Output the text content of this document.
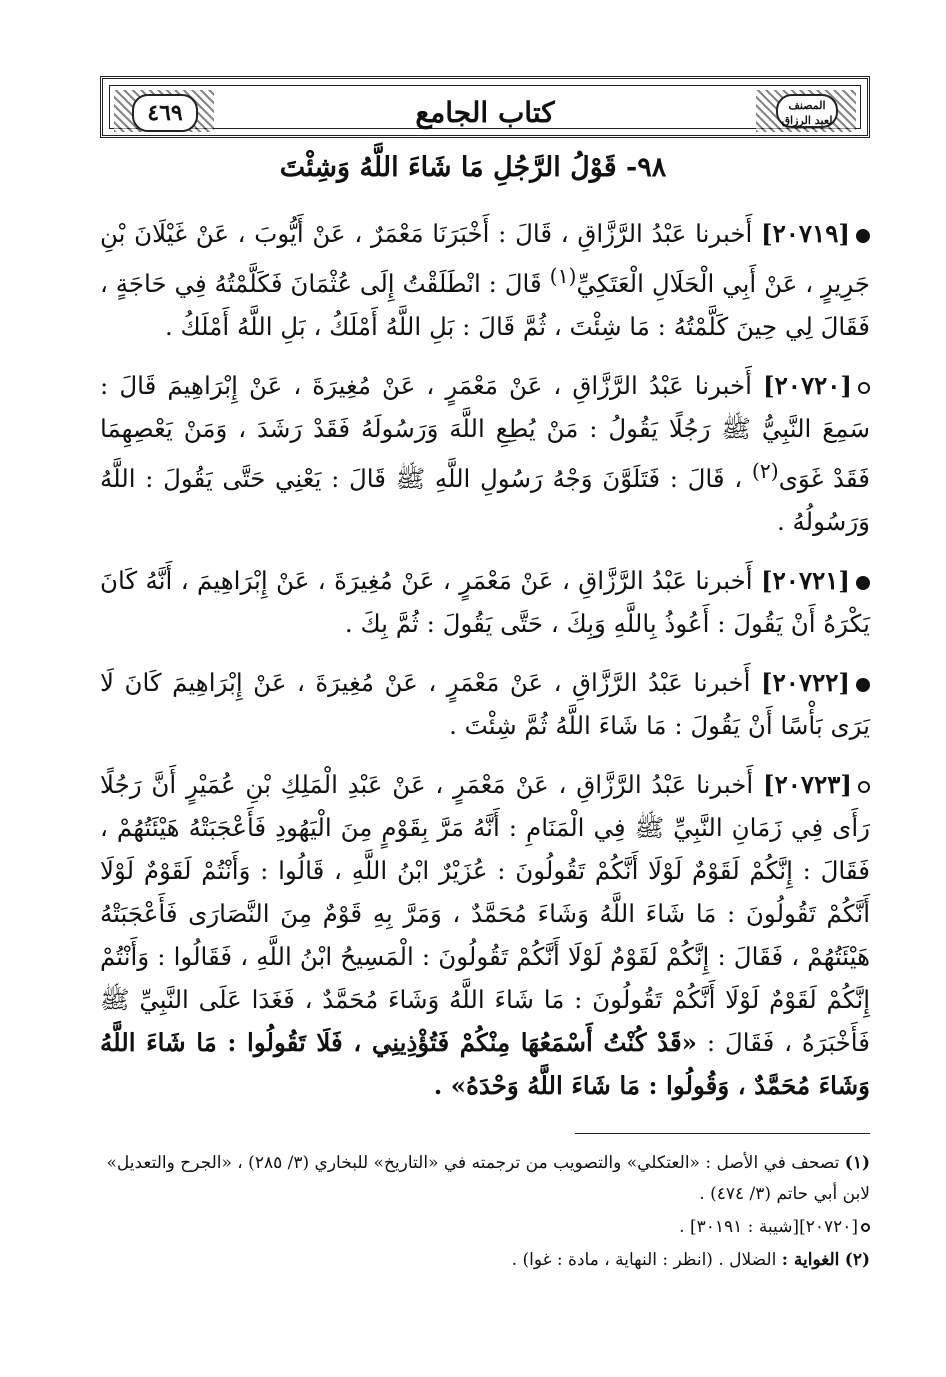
٤٦٩	المصنف
لعبد الرزاق
كتاب الجامع
٩٨- قَوْلُ الرَّجُلِ مَا شَاءَ اللَّهُ وَشِئْتَ

[٢٠٧١٩] أَخبرنا عَبْدُ الرَّزَّاقِ ، قَالَ : أَخْبَرَنَا مَعْمَرٌ ، عَنْ أَيُّوبَ ، عَنْ غَيْلَانَ بْنِ جَرِيرٍ ، عَنْ أَبِي الْحَلَالِ الْعَتَكِيِّ$^{(١)}$ قَالَ : انْطَلَقْتُ إِلَى عُثْمَانَ فَكَلَّمْتُهُ فِي حَاجَةٍ ، فَقَالَ لِي حِينَ كَلَّمْتُهُ : مَا شِئْتَ ، ثُمَّ قَالَ : بَلِ اللَّهُ أَمْلَكُ ، بَلِ اللَّهُ أَمْلَكُ .

[٢٠٧٢٠] أَخبرنا عَبْدُ الرَّزَّاقِ ، عَنْ مَعْمَرٍ ، عَنْ مُغِيرَةَ ، عَنْ إِبْرَاهِيمَ قَالَ : سَمِعَ النَّبِيُّ ﷺ رَجُلًا يَقُولُ : مَنْ يُطِعِ اللَّهَ وَرَسُولَهُ فَقَدْ رَشَدَ ، وَمَنْ يَعْصِهِمَا فَقَدْ غَوَى$^{(٢)}$ ، قَالَ : فَتَلَوَّنَ وَجْهُ رَسُولِ اللَّهِ ﷺ قَالَ : يَعْنِي حَتَّى يَقُولَ : اللَّهُ وَرَسُولُهُ .

[٢٠٧٢١] أَخبرنا عَبْدُ الرَّزَّاقِ ، عَنْ مَعْمَرٍ ، عَنْ مُغِيرَةَ ، عَنْ إِبْرَاهِيمَ ، أَنَّهُ كَانَ يَكْرَهُ أَنْ يَقُولَ : أَعُوذُ بِاللَّهِ وَبِكَ ، حَتَّى يَقُولَ : ثُمَّ بِكَ .

[٢٠٧٢٢] أَخبرنا عَبْدُ الرَّزَّاقِ ، عَنْ مَعْمَرٍ ، عَنْ مُغِيرَةَ ، عَنْ إِبْرَاهِيمَ كَانَ لَا يَرَى بَأْسًا أَنْ يَقُولَ : مَا شَاءَ اللَّهُ ثُمَّ شِئْتَ .

[٢٠٧٢٣] أَخبرنا عَبْدُ الرَّزَّاقِ ، عَنْ مَعْمَرٍ ، عَنْ عَبْدِ الْمَلِكِ بْنِ عُمَيْرٍ أَنَّ رَجُلًا رَأَى فِي زَمَانِ النَّبِيِّ ﷺ فِي الْمَنَامِ : أَنَّهُ مَرَّ بِقَوْمٍ مِنَ الْيَهُودِ فَأَعْجَبَتْهُ هَيْئَتُهُمْ ، فَقَالَ : إِنَّكُمْ لَقَوْمٌ لَوْلَا أَنَّكُمْ تَقُولُونَ : عُزَيْرٌ ابْنُ اللَّهِ ، قَالُوا : وَأَنْتُمْ لَقَوْمٌ لَوْلَا أَنَّكُمْ تَقُولُونَ : مَا شَاءَ اللَّهُ وَشَاءَ مُحَمَّدٌ ، وَمَرَّ بِهِ قَوْمٌ مِنَ النَّصَارَى فَأَعْجَبَتْهُ هَيْئَتُهُمْ ، فَقَالَ : إِنَّكُمْ لَقَوْمٌ لَوْلَا أَنَّكُمْ تَقُولُونَ : الْمَسِيحُ ابْنُ اللَّهِ ، فَقَالُوا : وَأَنْتُمْ إِنَّكُمْ لَقَوْمٌ لَوْلَا أَنَّكُمْ تَقُولُونَ : مَا شَاءَ اللَّهُ وَشَاءَ مُحَمَّدٌ ، فَغَدَا عَلَى النَّبِيِّ ﷺ فَأَخْبَرَهُ ، فَقَالَ : «قَدْ كُنْتُ أَسْمَعُهَا مِنْكُمْ فَتُؤْذِينِي ، فَلَا تَقُولُوا : مَا شَاءَ اللَّهُ وَشَاءَ مُحَمَّدٌ ، وَقُولُوا : مَا شَاءَ اللَّهُ وَحْدَهُ» .

(١) تصحف في الأصل : «العتكلي» والتصويب من ترجمته في «التاريخ» للبخاري (٣/ ٢٨٥) ، «الجرح والتعديل» لابن أبي حاتم (٣/ ٤٧٤) .

[٢٠٧٢٠][شيبة : ٣٠١٩١] .

(٢) الغواية : الضلال . (انظر : النهاية ، مادة : غوا) .
